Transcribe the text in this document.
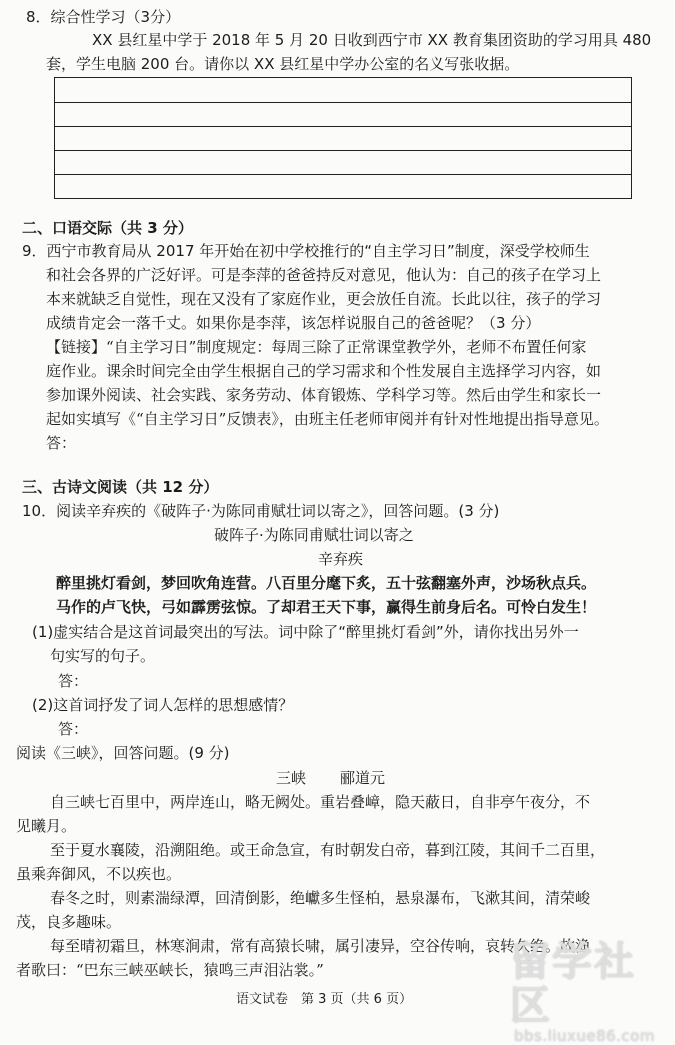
8．综合性学习（3分）
XX 县红星中学于 2018 年 5 月 20 日收到西宁市 XX 教育集团资助的学习用具 480
套，学生电脑 200 台。请你以 XX 县红星中学办公室的名义写张收据。
二、口语交际（共 3 分）
9．西宁市教育局从 2017 年开始在初中学校推行的“自主学习日”制度，深受学校师生
和社会各界的广泛好评。可是李萍的爸爸持反对意见，他认为：自己的孩子在学习上
本来就缺乏自觉性，现在又没有了家庭作业，更会放任自流。长此以往，孩子的学习
成绩肯定会一落千丈。如果你是李萍，该怎样说服自己的爸爸呢？（3 分）
【链接】“自主学习日”制度规定：每周三除了正常课堂教学外，老师不布置任何家
庭作业。课余时间完全由学生根据自己的学习需求和个性发展自主选择学习内容，如
参加课外阅读、社会实践、家务劳动、体育锻炼、学科学习等。然后由学生和家长一
起如实填写《“自主学习日”反馈表》，由班主任老师审阅并有针对性地提出指导意见。
答：
三、古诗文阅读（共 12 分）
10．阅读辛弃疾的《破阵子·为陈同甫赋壮词以寄之》，回答问题。(3 分)
破阵子·为陈同甫赋壮词以寄之
辛弃疾
醉里挑灯看剑，梦回吹角连营。八百里分麾下炙，五十弦翻塞外声，沙场秋点兵。
马作的卢飞快，弓如霹雳弦惊。了却君王天下事，赢得生前身后名。可怜白发生！
(1)虚实结合是这首词最突出的写法。词中除了“醉里挑灯看剑”外，请你找出另外一
句实写的句子。
答：
(2)这首词抒发了词人怎样的思想感情？
答：
阅读《三峡》，回答问题。(9 分)
三峡 郦道元
自三峡七百里中，两岸连山，略无阙处。重岩叠嶂，隐天蔽日，自非亭午夜分，不
见曦月。
至于夏水襄陵，沿溯阻绝。或王命急宣，有时朝发白帝，暮到江陵，其间千二百里，
虽乘奔御风，不以疾也。
春冬之时，则素湍绿潭，回清倒影，绝巘多生怪柏，悬泉瀑布，飞漱其间，清荣峻
茂，良多趣味。
每至晴初霜旦，林寒涧肃，常有高猿长啸，属引凄异，空谷传响，哀转久绝。故渔
者歌曰：“巴东三峡巫峡长，猿鸣三声泪沾裳。”
语文试卷　第 3 页（共 6 页）
留学社区
bbs.liuxue86.com
